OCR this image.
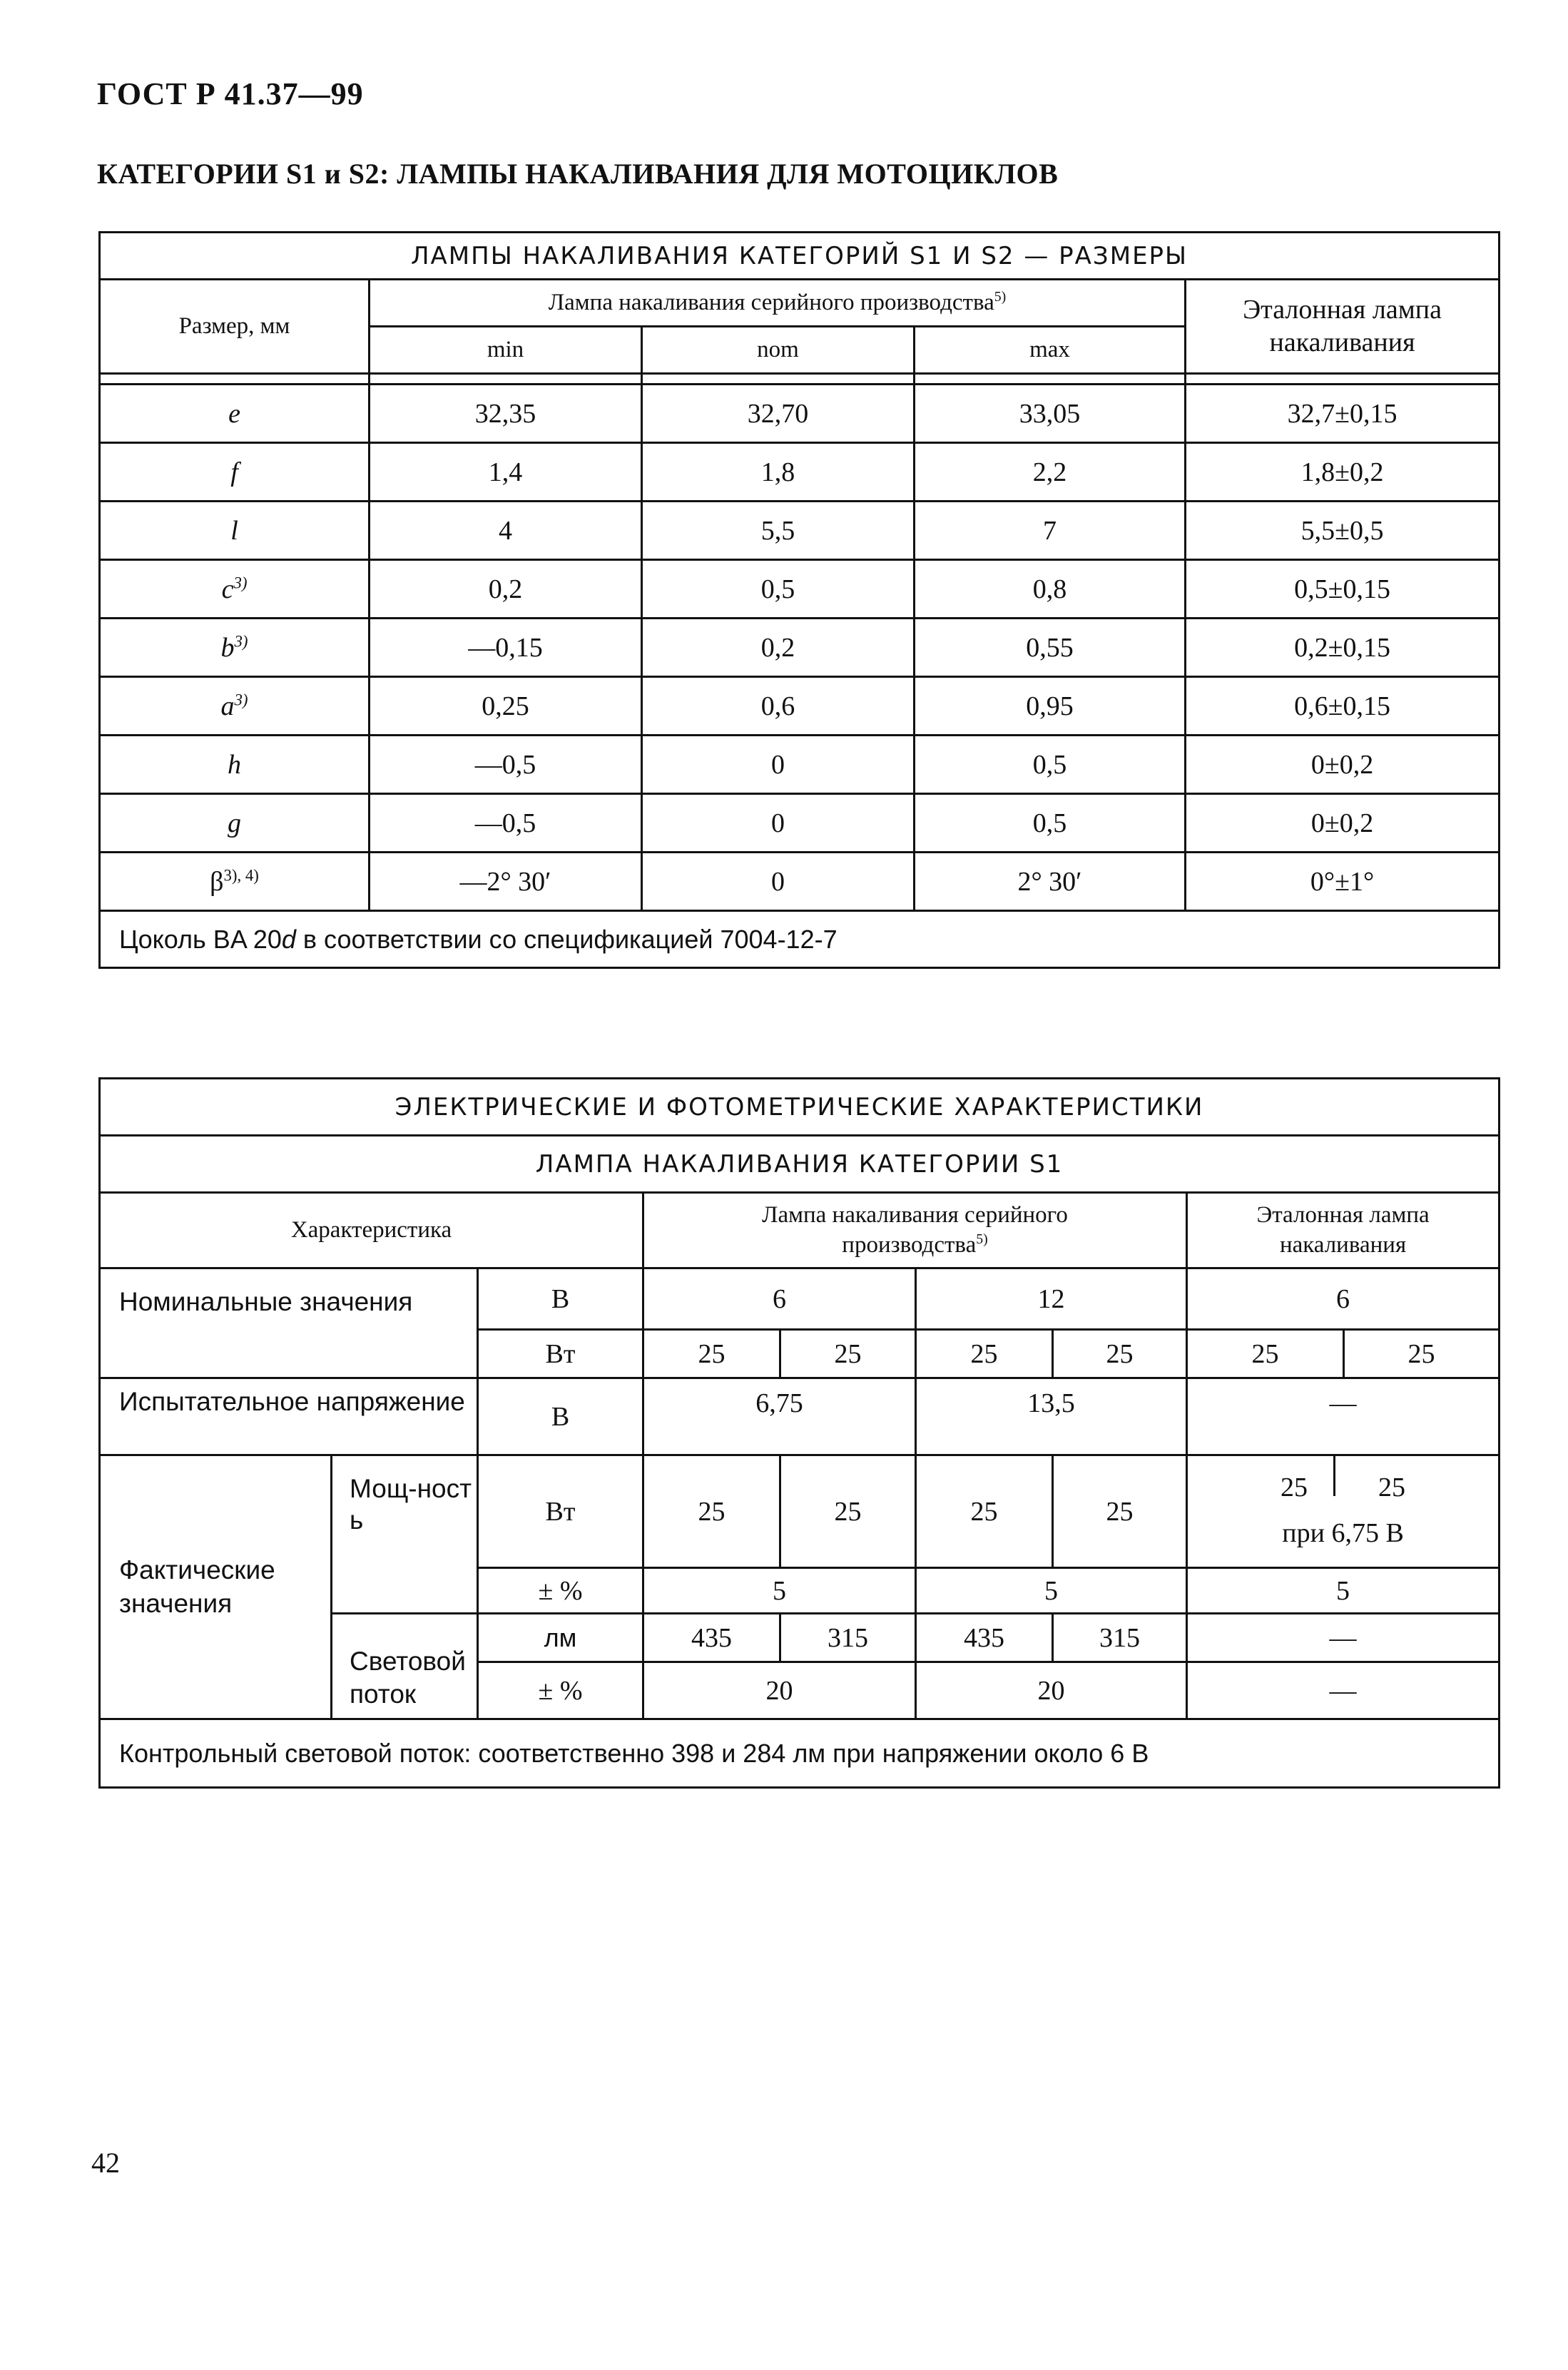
ГОСТ Р 41.37—99
КАТЕГОРИИ S1 и S2: ЛАМПЫ НАКАЛИВАНИЯ ДЛЯ МОТОЦИКЛОВ
ЛАМПЫ НАКАЛИВАНИЯ КАТЕГОРИЙ S1 И S2 — РАЗМЕРЫ				
Размер, мм	Лампа накаливания серийного производства$^{5)}$			Эталонная лампа накаливания
	min	nom	max	

e	32,35	32,70	33,05	32,7±0,15
f	1,4	1,8	2,2	1,8±0,2
l	4	5,5	7	5,5±0,5
$c^{3)}$	0,2	0,5	0,8	0,5±0,15
$b^{3)}$	—0,15	0,2	0,55	0,2±0,15
$a^{3)}$	0,25	0,6	0,95	0,6±0,15
h	—0,5	0	0,5	0±0,2
g	—0,5	0	0,5	0±0,2
$\beta^{3), 4)}$	—2° 30′	0	2° 30′	0°±1°
Цоколь BA 20d в соответствии со спецификацией 7004-12-7				
ЭЛЕКТРИЧЕСКИЕ И ФОТОМЕТРИЧЕСКИЕ ХАРАКТЕРИСТИКИ								
ЛАМПА НАКАЛИВАНИЯ КАТЕГОРИИ S1								
Характеристика			Лампа накаливания серийного производства$^{5)}$				Эталонная лампа накаливания	
Номинальные значения		В	6		12		6	
		Вт	25	25	25	25	25	25
Испытательное напряжение		В	6,75		13,5		—	
Фактические значения	Мощ-ность	Вт	25	25	25	25	25 25
при 6,75 В	

		± %	5		5		5	
	Световой поток	лм	435	315	435	315	—	
		± %	20		20		—	
Контрольный световой поток: соответственно 398 и 284 лм при напряжении около 6 В								
42
